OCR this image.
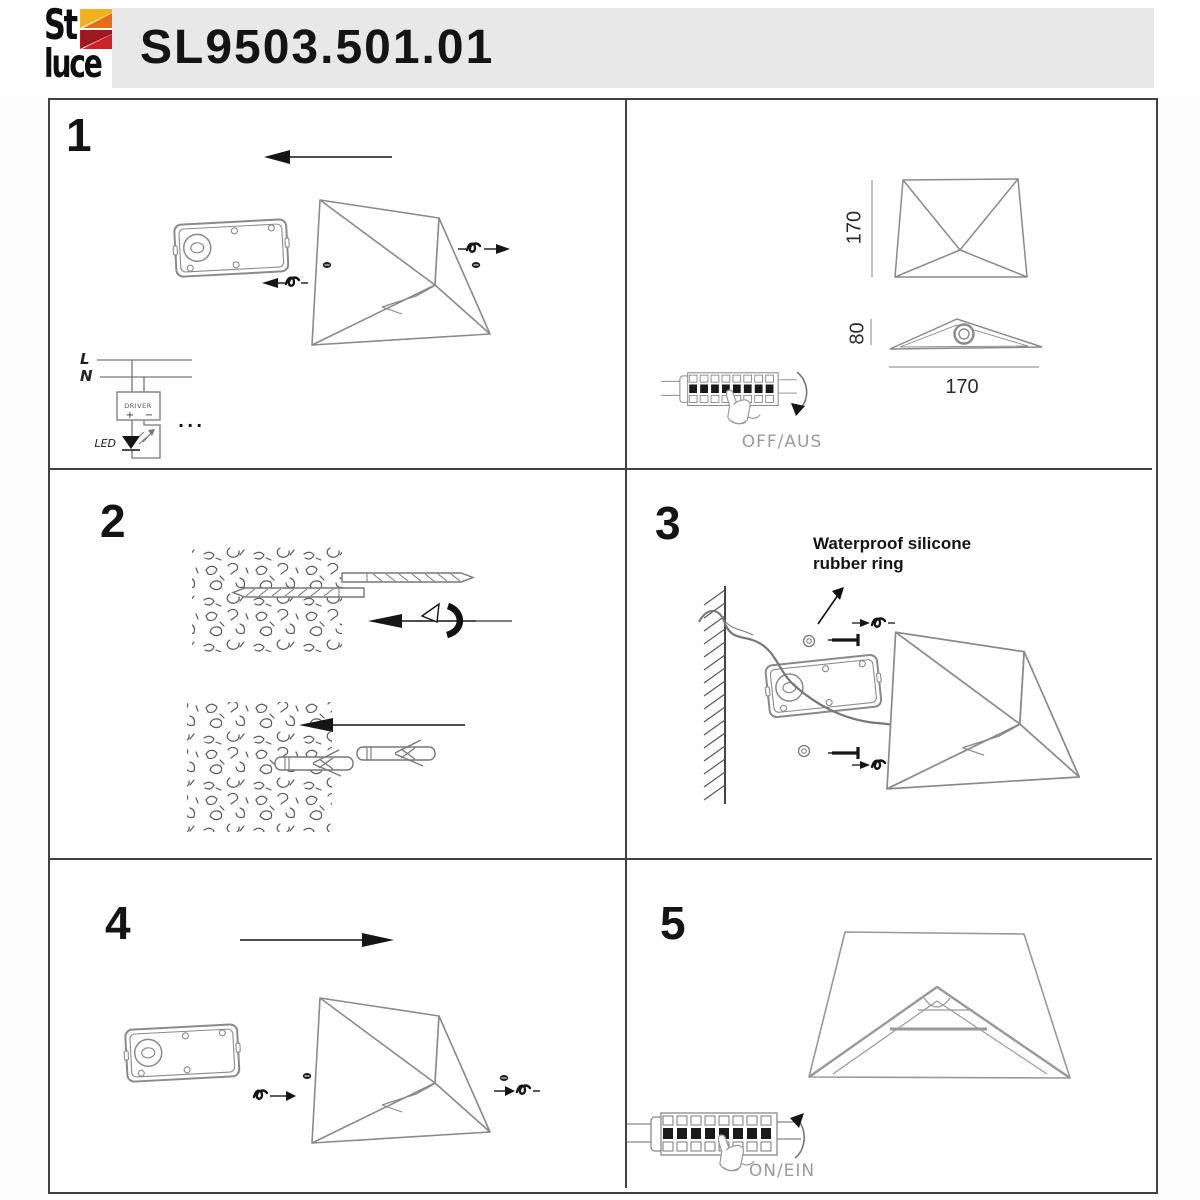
St
luce SL9503.501.01
L
N
DRIVER
+ −
LED
...
1
170
80
170
OFF/AUS
2	3	Waterproof silicone
rubber ring
4	5
ON/EIN
